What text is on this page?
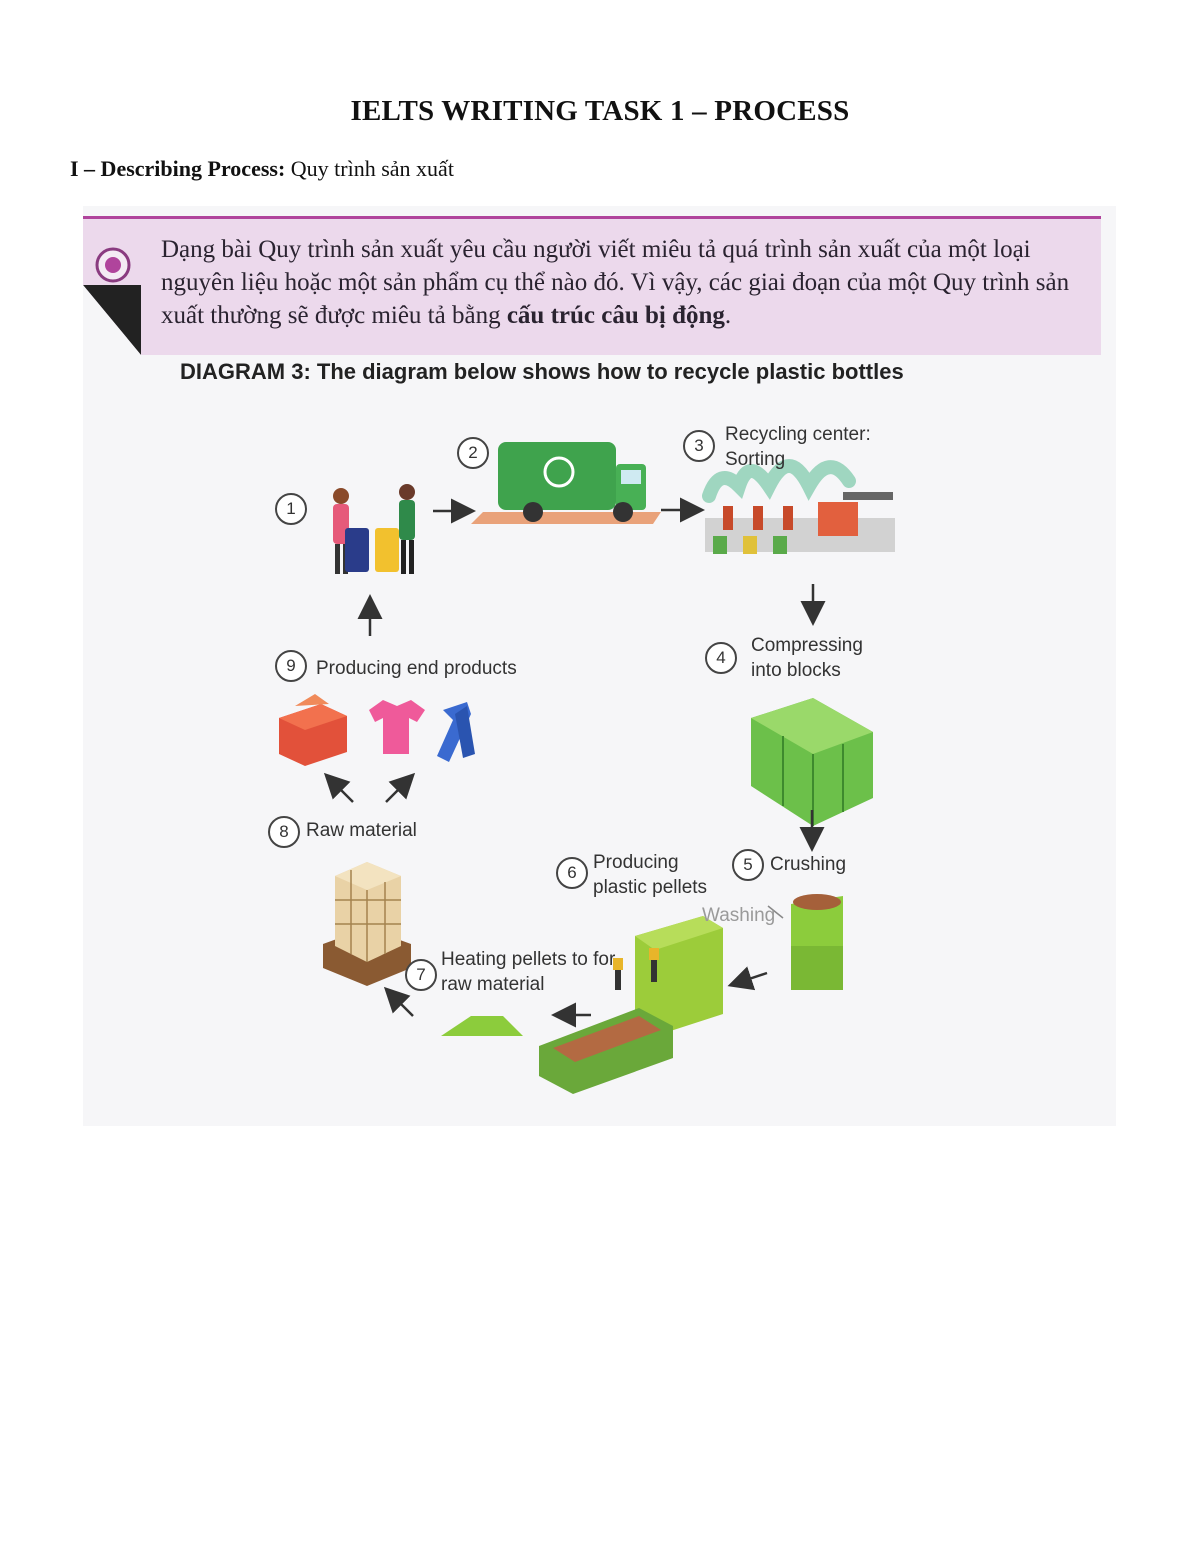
IELTS WRITING TASK 1 – PROCESS
I – Describing Process: Quy trình sản xuất
Dạng bài Quy trình sản xuất yêu cầu người viết miêu tả quá trình sản xuất của một loại nguyên liệu hoặc một sản phẩm cụ thể nào đó. Vì vậy, các giai đoạn của một Quy trình sản xuất thường sẽ được miêu tả bằng cấu trúc câu bị động.
DIAGRAM 3: The diagram below shows how to recycle plastic bottles
1
2	3
Recycling center: Sorting
4
Compressing into blocks
5 Crushing
Washing
6 Producing plastic pellets
7
Heating pellets to for raw material
8 Raw material
9	Producing end products
